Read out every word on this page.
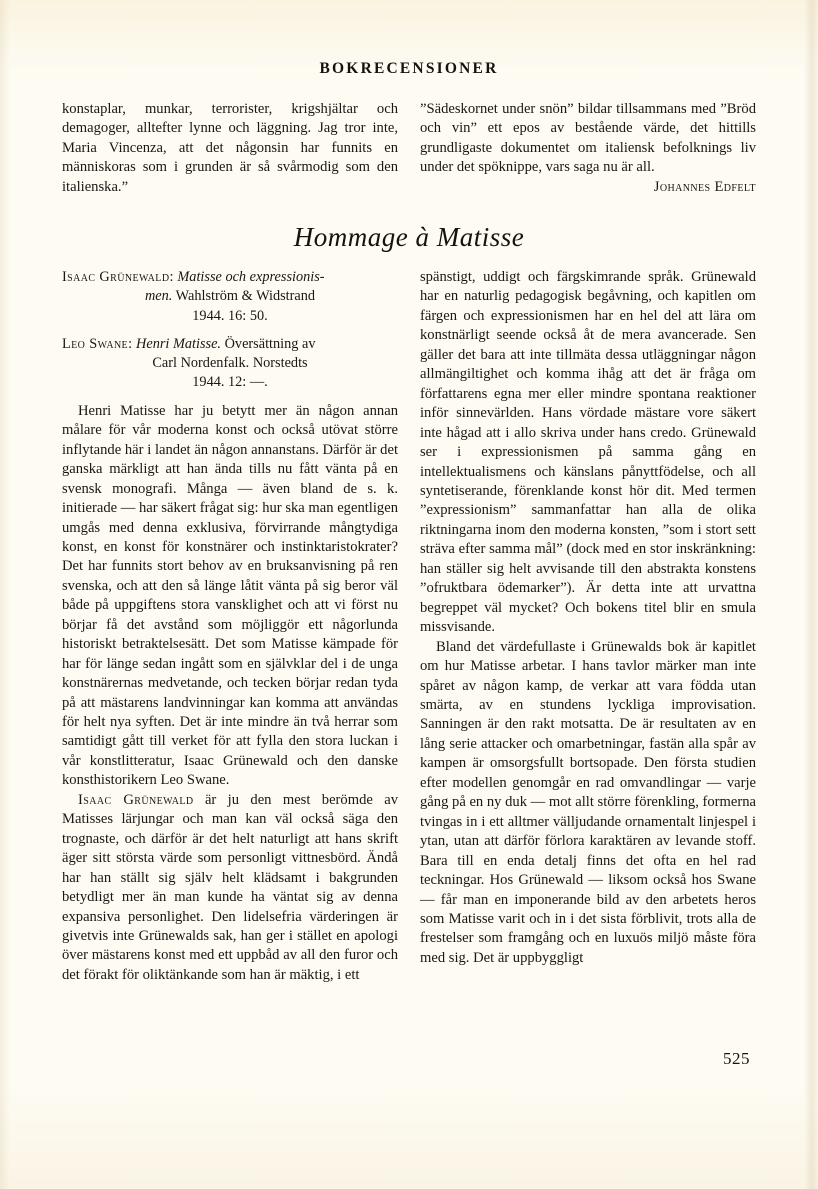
BOKRECENSIONER

konstaplar, munkar, terrorister, krigshjältar och demagoger, alltefter lynne och läggning. Jag tror inte, Maria Vincenza, att det någonsin har funnits en människoras som i grunden är så svårmodig som den italienska.”

”Sädeskornet under snön” bildar tillsammans med ”Bröd och vin” ett epos av bestående värde, det hittills grundligaste dokumentet om italiensk befolknings liv under det spöknippe, vars saga nu är all.

Johannes Edfelt

Hommage à Matisse
Isaac Grünewald: Matisse och expressionis-
men. Wahlström & Widstrand
1944. 16: 50.
Leo Swane: Henri Matisse. Översättning av
Carl Nordenfalk. Norstedts
1944. 12: —.

Henri Matisse har ju betytt mer än någon annan målare för vår moderna konst och också utövat större inflytande här i landet än någon annanstans. Därför är det ganska märkligt att han ända tills nu fått vänta på en svensk monografi. Många — även bland de s. k. initierade — har säkert frågat sig: hur ska man egentligen umgås med denna exklusiva, förvirrande mångtydiga konst, en konst för konstnärer och instinktaristokrater? Det har funnits stort behov av en bruksanvisning på ren svenska, och att den så länge låtit vänta på sig beror väl både på uppgiftens stora vansklighet och att vi först nu börjar få det avstånd som möjliggör ett någorlunda historiskt betraktelsesätt. Det som Matisse kämpade för har för länge sedan ingått som en självklar del i de unga konstnärernas medvetande, och tecken börjar redan tyda på att mästarens landvinningar kan komma att användas för helt nya syften. Det är inte mindre än två herrar som samtidigt gått till verket för att fylla den stora luckan i vår konstlitteratur, Isaac Grünewald och den danske konsthistorikern Leo Swane.

Isaac Grünewald är ju den mest berömde av Matisses lärjungar och man kan väl också säga den trognaste, och därför är det helt naturligt att hans skrift äger sitt största värde som personligt vittnesbörd. Ändå har han ställt sig själv helt klädsamt i bakgrunden betydligt mer än man kunde ha väntat sig av denna expansiva personlighet. Den lidelsefria värderingen är givetvis inte Grünewalds sak, han ger i stället en apologi över mästarens konst med ett uppbåd av all den furor och det förakt för oliktänkande som han är mäktig, i ett

spänstigt, uddigt och färgskimrande språk. Grünewald har en naturlig pedagogisk begåvning, och kapitlen om färgen och expressionismen har en hel del att lära om konstnärligt seende också åt de mera avancerade. Sen gäller det bara att inte tillmäta dessa utläggningar någon allmängiltighet och komma ihåg att det är fråga om författarens egna mer eller mindre spontana reaktioner inför sinnevärlden. Hans vördade mästare vore säkert inte hågad att i allo skriva under hans credo. Grünewald ser i expressionismen på samma gång en intellektualismens och känslans pånyttfödelse, och all syntetiserande, förenklande konst hör dit. Med termen ”expressionism” sammanfattar han alla de olika riktningarna inom den moderna konsten, ”som i stort sett sträva efter samma mål” (dock med en stor inskränkning: han ställer sig helt avvisande till den abstrakta konstens ”ofruktbara ödemarker”). Är detta inte att urvattna begreppet väl mycket? Och bokens titel blir en smula missvisande.

Bland det värdefullaste i Grünewalds bok är kapitlet om hur Matisse arbetar. I hans tavlor märker man inte spåret av någon kamp, de verkar att vara födda utan smärta, av en stundens lyckliga improvisation. Sanningen är den rakt motsatta. De är resultaten av en lång serie attacker och omarbetningar, fastän alla spår av kampen är omsorgsfullt bortsopade. Den första studien efter modellen genomgår en rad omvandlingar — varje gång på en ny duk — mot allt större förenkling, formerna tvingas in i ett alltmer välljudande ornamentalt linjespel i ytan, utan att därför förlora karaktären av levande stoff. Bara till en enda detalj finns det ofta en hel rad teckningar. Hos Grünewald — liksom också hos Swane — får man en imponerande bild av den arbetets heros som Matisse varit och in i det sista förblivit, trots alla de frestelser som framgång och en luxuös miljö måste föra med sig. Det är uppbyggligt

525
